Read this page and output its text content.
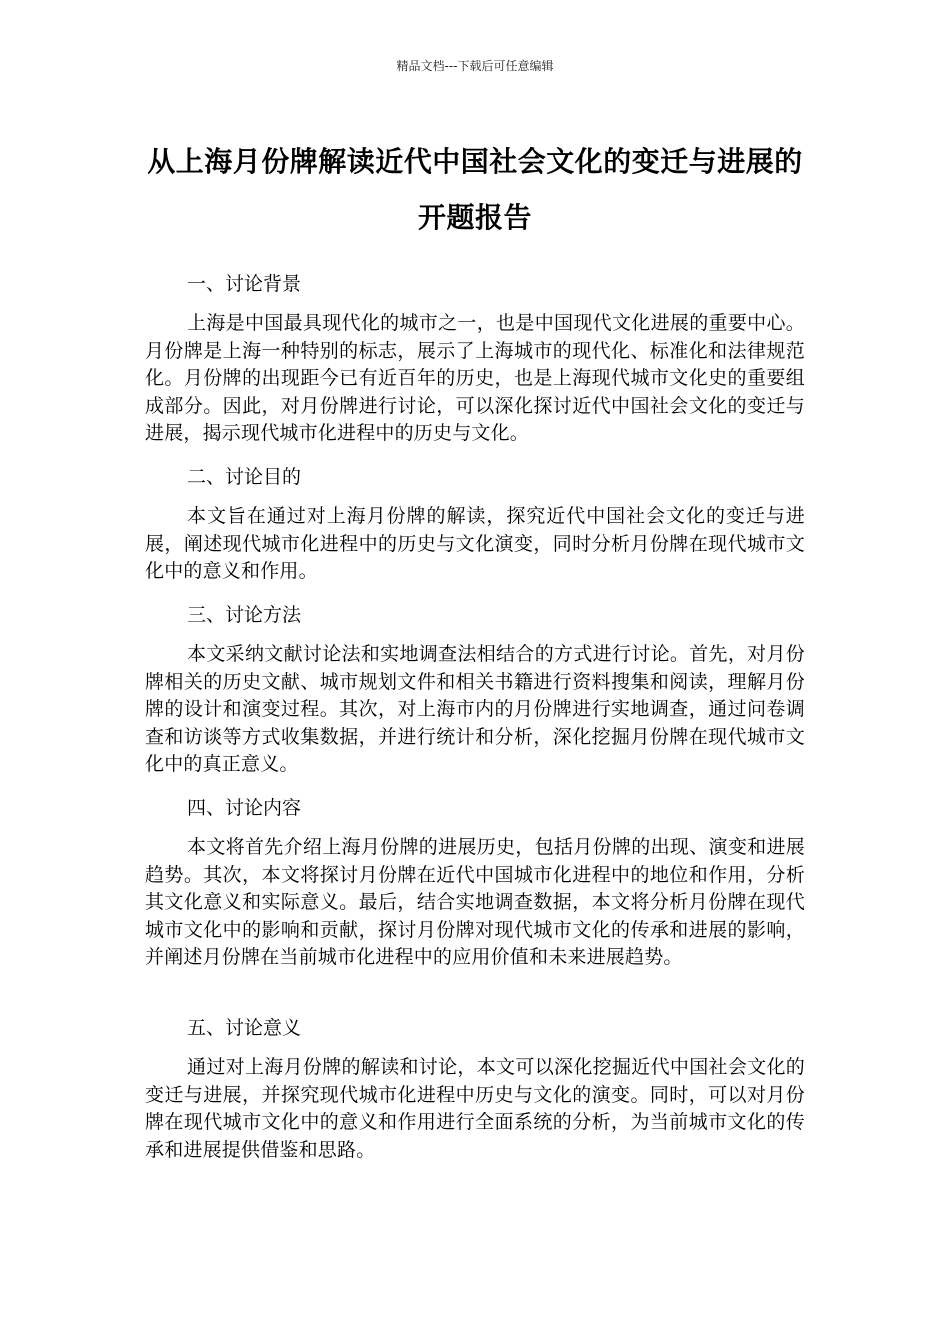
精品文档---下载后可任意编辑
从上海月份牌解读近代中国社会文化的变迁与进展的
开题报告
一、讨论背景

上海是中国最具现代化的城市之一，也是中国现代文化进展的重要中心。月份牌是上海一种特别的标志，展示了上海城市的现代化、标准化和法律规范化。月份牌的出现距今已有近百年的历史，也是上海现代城市文化史的重要组成部分。因此，对月份牌进行讨论，可以深化探讨近代中国社会文化的变迁与进展，揭示现代城市化进程中的历史与文化。

二、讨论目的

本文旨在通过对上海月份牌的解读，探究近代中国社会文化的变迁与进展，阐述现代城市化进程中的历史与文化演变，同时分析月份牌在现代城市文化中的意义和作用。

三、讨论方法

本文采纳文献讨论法和实地调查法相结合的方式进行讨论。首先，对月份牌相关的历史文献、城市规划文件和相关书籍进行资料搜集和阅读，理解月份牌的设计和演变过程。其次，对上海市内的月份牌进行实地调查，通过问卷调查和访谈等方式收集数据，并进行统计和分析，深化挖掘月份牌在现代城市文化中的真正意义。

四、讨论内容

本文将首先介绍上海月份牌的进展历史，包括月份牌的出现、演变和进展趋势。其次，本文将探讨月份牌在近代中国城市化进程中的地位和作用，分析其文化意义和实际意义。最后，结合实地调查数据，本文将分析月份牌在现代城市文化中的影响和贡献，探讨月份牌对现代城市文化的传承和进展的影响，并阐述月份牌在当前城市化进程中的应用价值和未来进展趋势。

五、讨论意义

通过对上海月份牌的解读和讨论，本文可以深化挖掘近代中国社会文化的变迁与进展，并探究现代城市化进程中历史与文化的演变。同时，可以对月份牌在现代城市文化中的意义和作用进行全面系统的分析，为当前城市文化的传承和进展提供借鉴和思路。
